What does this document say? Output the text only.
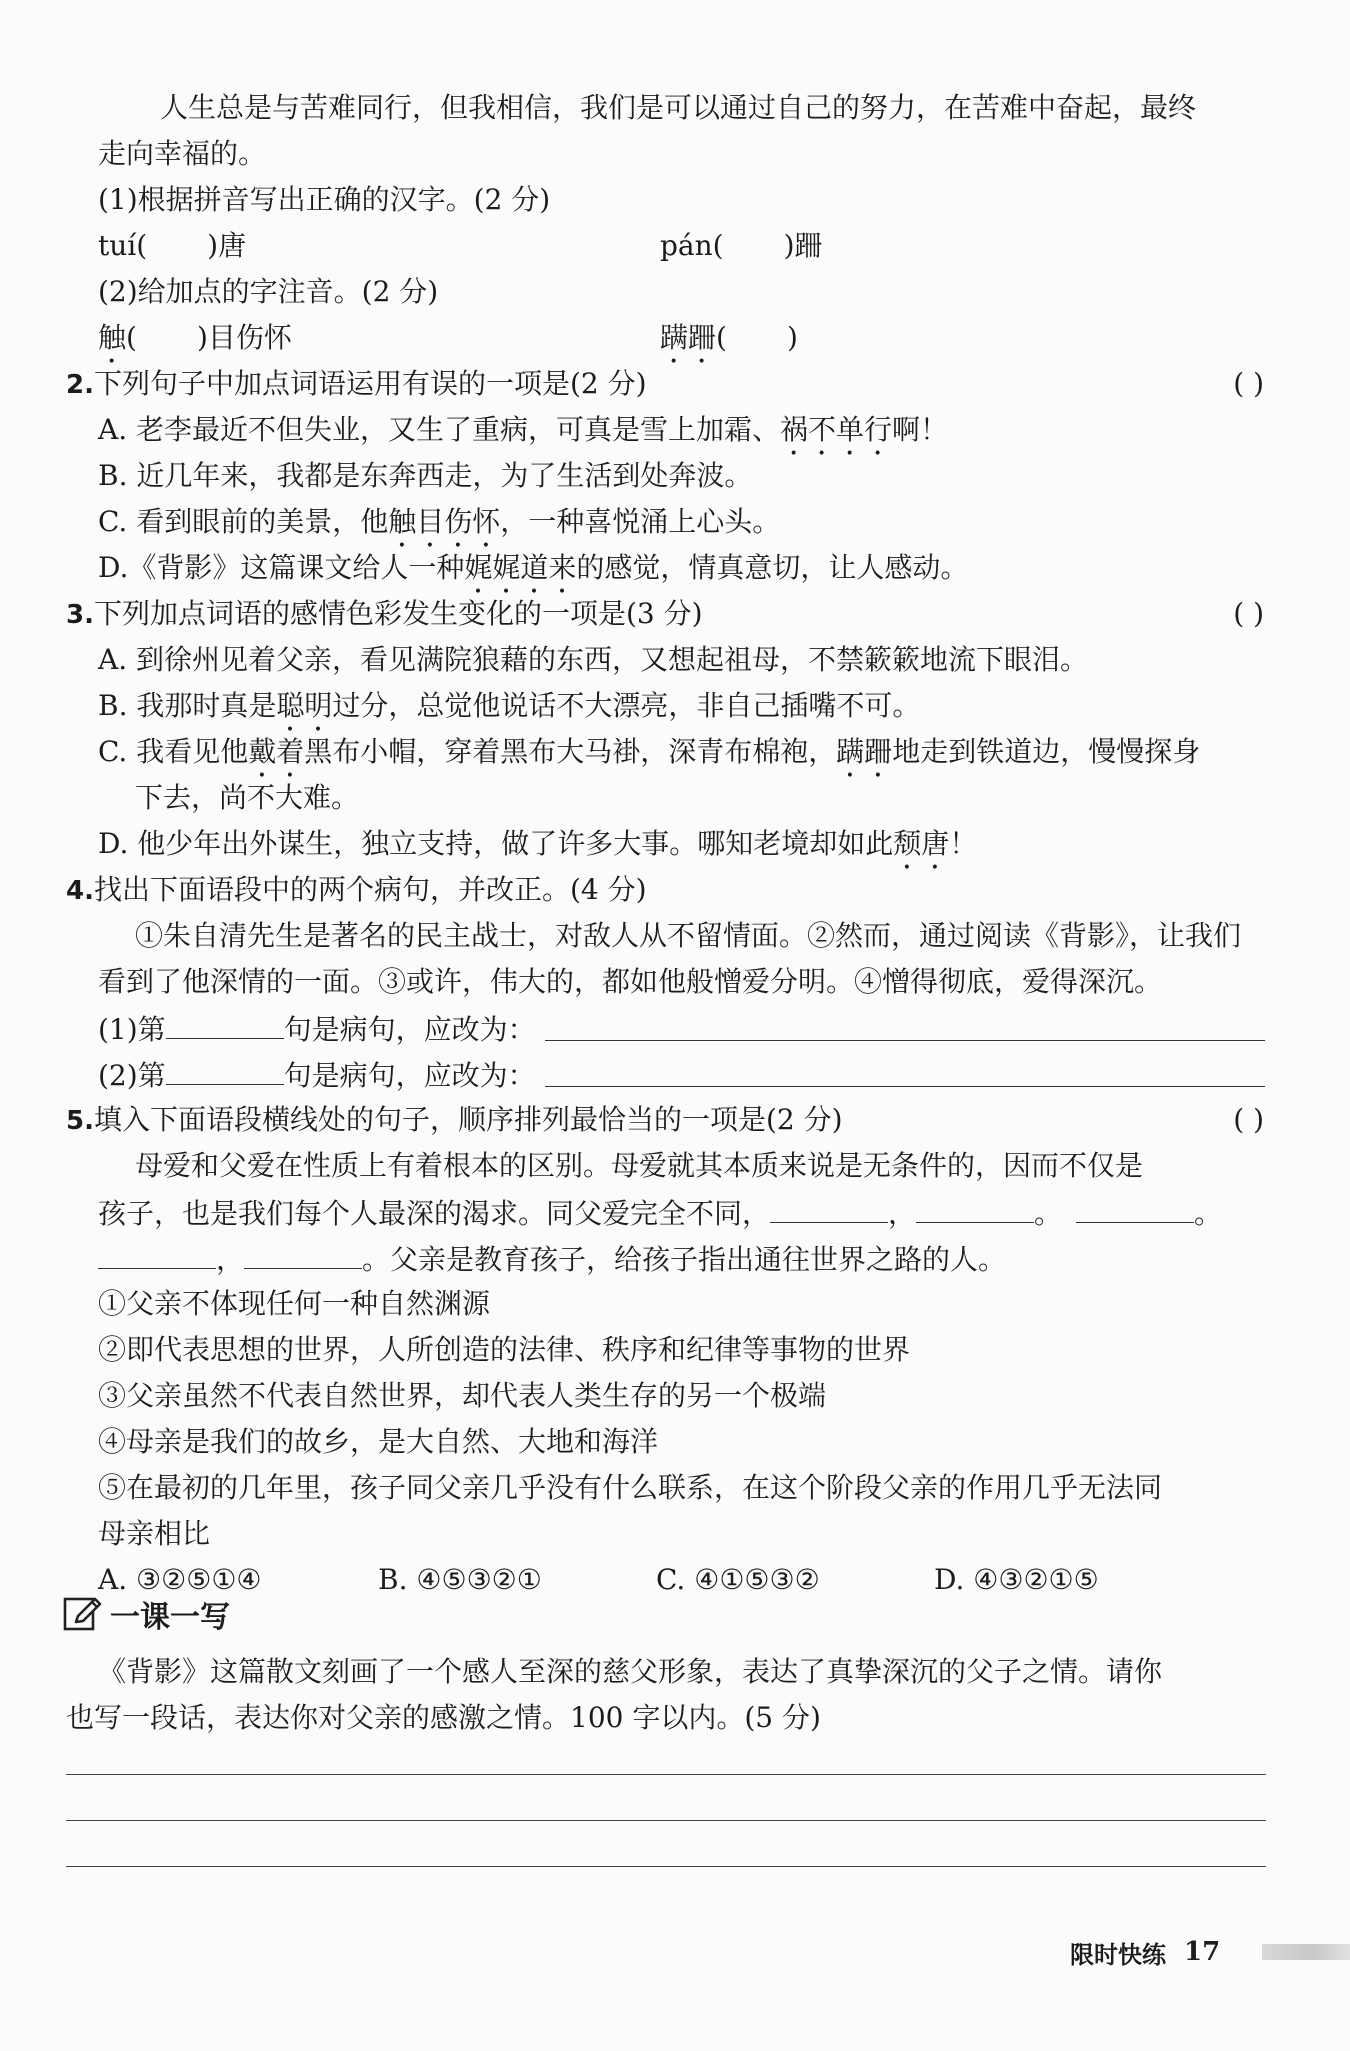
人生总是与苦难同行，但我相信，我们是可以通过自己的努力，在苦难中奋起，最终
走向幸福的。
(1)根据拼音写出正确的汉字。(2 分)
tuí( )唐	pán( )跚
(2)给加点的字注音。(2 分)
触( )目伤怀	蹒跚( )
2.下列句子中加点词语运用有误的一项是(2 分)	( )
A. 老李最近不但失业，又生了重病，可真是雪上加霜、祸不单行啊！
B. 近几年来，我都是东奔西走，为了生活到处奔波。
C. 看到眼前的美景，他触目伤怀，一种喜悦涌上心头。
D.《背影》这篇课文给人一种娓娓道来的感觉，情真意切，让人感动。
3.下列加点词语的感情色彩发生变化的一项是(3 分)	( )
A. 到徐州见着父亲，看见满院狼藉的东西，又想起祖母，不禁簌簌地流下眼泪。
B. 我那时真是聪明过分，总觉他说话不大漂亮，非自己插嘴不可。
C. 我看见他戴着黑布小帽，穿着黑布大马褂，深青布棉袍，蹒跚地走到铁道边，慢慢探身
下去，尚不大难。
D. 他少年出外谋生，独立支持，做了许多大事。哪知老境却如此颓唐！
4.找出下面语段中的两个病句，并改正。(4 分)
①朱自清先生是著名的民主战士，对敌人从不留情面。②然而，通过阅读《背影》，让我们
看到了他深情的一面。③或许，伟大的，都如他般憎爱分明。④憎得彻底，爱得深沉。
(1)第	句是病句，应改为：
(2)第	句是病句，应改为：
5.填入下面语段横线处的句子，顺序排列最恰当的一项是(2 分)	( )
母爱和父爱在性质上有着根本的区别。母爱就其本质来说是无条件的，因而不仅是
孩子，也是我们每个人最深的渴求。同父爱完全不同，	，	。	。
，	。父亲是教育孩子，给孩子指出通往世界之路的人。
①父亲不体现任何一种自然渊源
②即代表思想的世界，人所创造的法律、秩序和纪律等事物的世界
③父亲虽然不代表自然世界，却代表人类生存的另一个极端
④母亲是我们的故乡，是大自然、大地和海洋
⑤在最初的几年里，孩子同父亲几乎没有什么联系，在这个阶段父亲的作用几乎无法同
母亲相比
A. ③②⑤①④	B. ④⑤③②①	C. ④①⑤③②	D. ④③②①⑤
一课一写
《背影》这篇散文刻画了一个感人至深的慈父形象，表达了真挚深沉的父子之情。请你
也写一段话，表达你对父亲的感激之情。100 字以内。(5 分)
限时快练 17
